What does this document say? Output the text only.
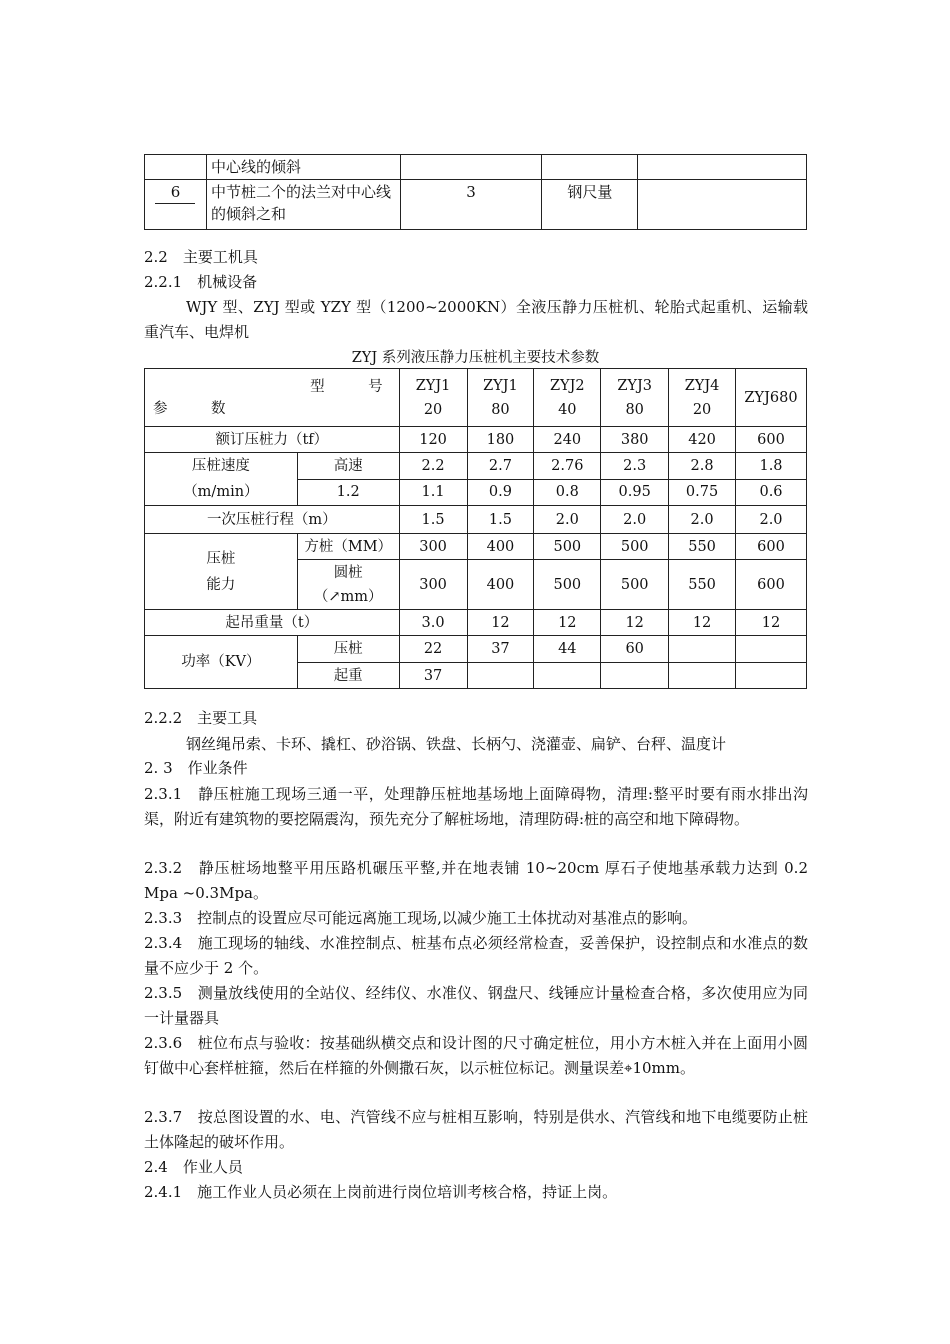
	中心线的倾斜			
6	中节桩二个的法兰对中心线的倾斜之和	3	钢尺量	
2.2　主要工机具
2.2.1　机械设备
WJY 型、ZYJ 型或 YZY 型（1200~2000KN）全液压静力压桩机、轮胎式起重机、运输载重汽车、电焊机
ZYJ 系列液压静力压桩机主要技术参数
型　　　号
参　　　数		ZYJ120	ZYJ180	ZYJ240	ZYJ380	ZYJ420	ZYJ680
额订压桩力（tf）		120	180	240	380	420	600

压桩速度（m/min）	高速	2.2	2.7	2.76	2.3	2.8	1.8
	1.2	1.1	0.9	0.8	0.95	0.75	0.6
一次压桩行程（m）		1.5	1.5	2.0	2.0	2.0	2.0

压桩
能力	方桩（MM）	300	400	500	500	550	600

	圆桩
（↗mm）	300	400	500	500	550	600
起吊重量（t）		3.0	12	12	12	12	12
功率（KV）	压桩	22	37	44	60		
	起重	37					
2.2.2　主要工具
钢丝绳吊索、卡环、撬杠、砂浴锅、铁盘、长柄勺、浇灌壶、扁铲、台秤、温度计
2. 3　作业条件
2.3.1　静压桩施工现场三通一平，处理静压桩地基场地上面障碍物，清理:整平时要有雨水排出沟渠，附近有建筑物的要挖隔震沟，预先充分了解桩场地，清理防碍:桩的高空和地下障碍物。
2.3.2　静压桩场地整平用压路机碾压平整,并在地表铺 10~20cm 厚石子使地基承载力达到 0.2 Mpa ~0.3Mpa。
2.3.3　控制点的设置应尽可能远离施工现场,以减少施工土体扰动对基准点的影响。
2.3.4　施工现场的轴线、水准控制点、桩基布点必须经常检查，妥善保护，设控制点和水准点的数量不应少于 2 个。
2.3.5　测量放线使用的全站仪、经纬仪、水准仪、钢盘尺、线锤应计量检查合格，多次使用应为同一计量器具
2.3.6　桩位布点与验收：按基础纵横交点和设计图的尺寸确定桩位，用小方木桩入并在上面用小圆钉做中心套样桩箍，然后在样箍的外侧撒石灰，以示桩位标记。测量误差⌖10mm。
2.3.7　按总图设置的水、电、汽管线不应与桩相互影响，特别是供水、汽管线和地下电缆要防止桩土体隆起的破坏作用。
2.4　作业人员
2.4.1　施工作业人员必须在上岗前进行岗位培训考核合格，持证上岗。
